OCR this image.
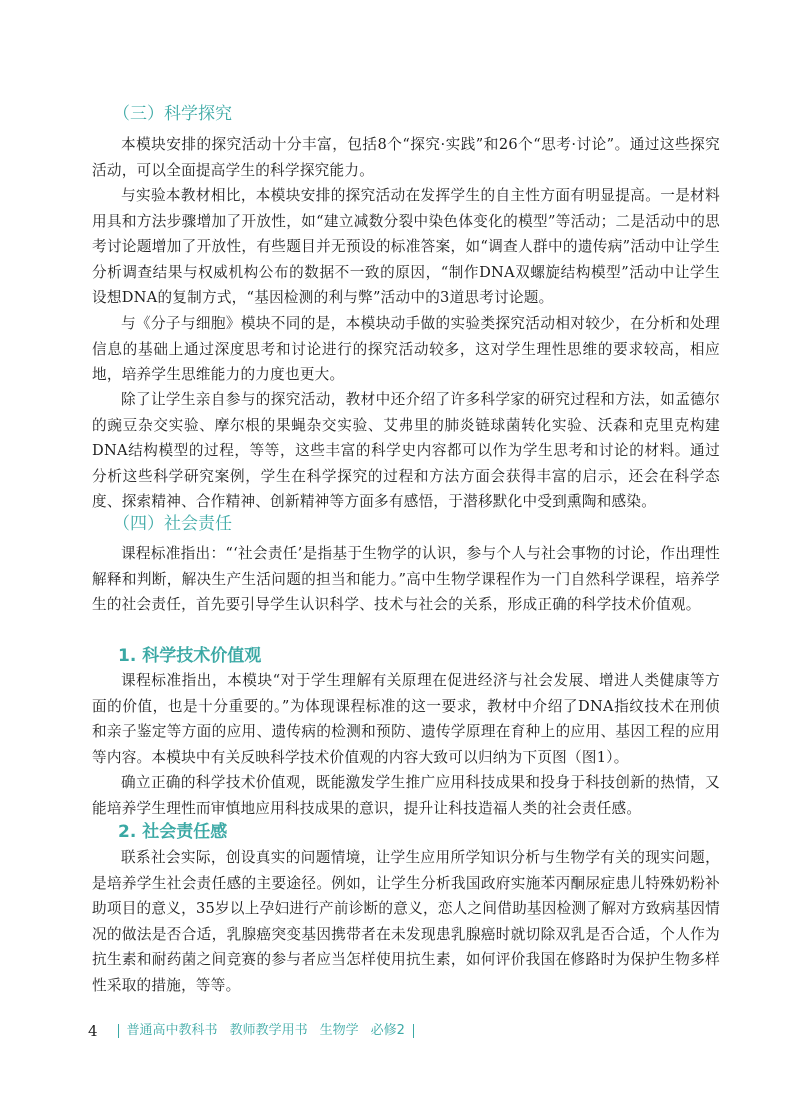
（三）科学探究

本模块安排的探究活动十分丰富，包括8个“探究·实践”和26个“思考·讨论”。通过这些探究活动，可以全面提高学生的科学探究能力。

与实验本教材相比，本模块安排的探究活动在发挥学生的自主性方面有明显提高。一是材料用具和方法步骤增加了开放性，如“建立减数分裂中染色体变化的模型”等活动；二是活动中的思考讨论题增加了开放性，有些题目并无预设的标准答案，如“调查人群中的遗传病”活动中让学生分析调查结果与权威机构公布的数据不一致的原因，“制作DNA双螺旋结构模型”活动中让学生设想DNA的复制方式，“基因检测的利与弊”活动中的3道思考讨论题。

与《分子与细胞》模块不同的是，本模块动手做的实验类探究活动相对较少，在分析和处理信息的基础上通过深度思考和讨论进行的探究活动较多，这对学生理性思维的要求较高，相应地，培养学生思维能力的力度也更大。

除了让学生亲自参与的探究活动，教材中还介绍了许多科学家的研究过程和方法，如孟德尔的豌豆杂交实验、摩尔根的果蝇杂交实验、艾弗里的肺炎链球菌转化实验、沃森和克里克构建DNA结构模型的过程，等等，这些丰富的科学史内容都可以作为学生思考和讨论的材料。通过分析这些科学研究案例，学生在科学探究的过程和方法方面会获得丰富的启示，还会在科学态度、探索精神、合作精神、创新精神等方面多有感悟，于潜移默化中受到熏陶和感染。

（四）社会责任

课程标准指出：“‘社会责任’是指基于生物学的认识，参与个人与社会事物的讨论，作出理性解释和判断，解决生产生活问题的担当和能力。”高中生物学课程作为一门自然科学课程，培养学生的社会责任，首先要引导学生认识科学、技术与社会的关系，形成正确的科学技术价值观。

1. 科学技术价值观

课程标准指出，本模块“对于学生理解有关原理在促进经济与社会发展、增进人类健康等方面的价值，也是十分重要的。”为体现课程标准的这一要求，教材中介绍了DNA指纹技术在刑侦和亲子鉴定等方面的应用、遗传病的检测和预防、遗传学原理在育种上的应用、基因工程的应用等内容。本模块中有关反映科学技术价值观的内容大致可以归纳为下页图（图1）。

确立正确的科学技术价值观，既能激发学生推广应用科技成果和投身于科技创新的热情，又能培养学生理性而审慎地应用科技成果的意识，提升让科技造福人类的社会责任感。

2. 社会责任感

联系社会实际，创设真实的问题情境，让学生应用所学知识分析与生物学有关的现实问题，是培养学生社会责任感的主要途径。例如，让学生分析我国政府实施苯丙酮尿症患儿特殊奶粉补助项目的意义，35岁以上孕妇进行产前诊断的意义，恋人之间借助基因检测了解对方致病基因情况的做法是否合适，乳腺癌突变基因携带者在未发现患乳腺癌时就切除双乳是否合适，个人作为抗生素和耐药菌之间竞赛的参与者应当怎样使用抗生素，如何评价我国在修路时为保护生物多样性采取的措施，等等。

4 普通高中教科书 教师教学用书 生物学 必修2
